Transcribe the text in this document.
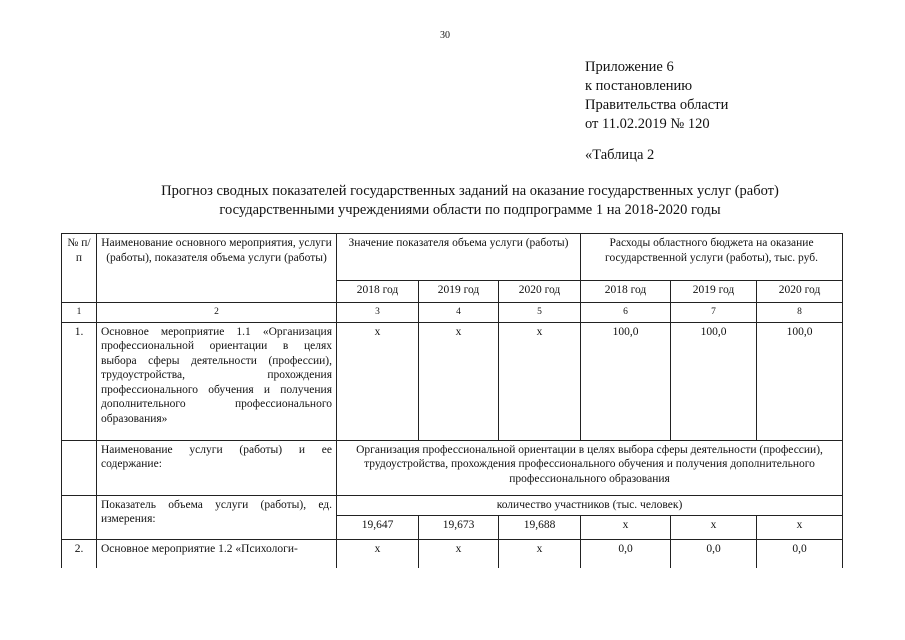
30
Приложение 6
к постановлению
Правительства области
от 11.02.2019 № 120
«Таблица 2
Прогноз сводных показателей государственных заданий на оказание государственных услуг (работ)
государственными учреждениями области по подпрограмме 1 на 2018-2020 годы
№ п/п	Наименование основного мероприятия, услуги (работы), показателя объема услуги (работы)	Значение показателя объема услуги (работы)			Расходы областного бюджета на оказание государственной услуги (работы), тыс. руб.		
		2018 год	2019 год	2020 год	2018 год	2019 год	2020 год
1	2	3	4	5	6	7	8
1.	Основное мероприятие 1.1 «Организация профессиональной ориентации в целях выбора сферы деятельности (профессии), трудоустройства, прохождения профессионального обучения и получения дополнительного профессионального образования»	x	x	x	100,0	100,0	100,0
	Наименование услуги (работы) и ее содержание:	Организация профессиональной ориентации в целях выбора сферы деятельности (профессии), трудоустройства, прохождения профессионального обучения и получения дополнительного профессионального образования					
	Показатель объема услуги (работы), ед. измерения:	количество участников (тыс. человек)					
		19,647	19,673	19,688	x	x	x
2.	Основное мероприятие 1.2 «Психологи-	x	x	x	0,0	0,0	0,0
